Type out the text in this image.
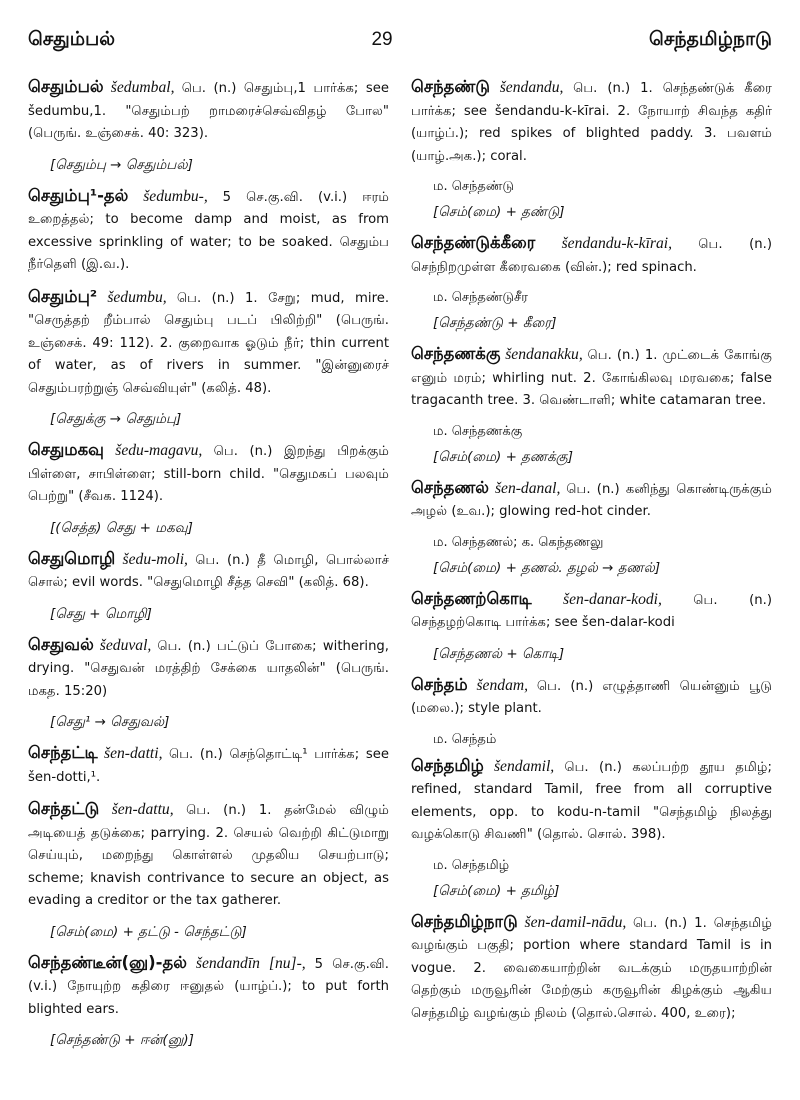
செதும்பல்	29	செந்தமிழ்நாடு

செதும்பல் šedumbal, பெ. (n.) செதும்பு,1 பார்க்க; see šedumbu,1. "செதும்பற் றாமரைச்செவ்விதழ் போல" (பெருங். உஞ்சைக். 40: 323).

[செதும்பு → செதும்பல்]

செதும்பு¹-தல் šedumbu-, 5 செ.கு.வி. (v.i.) ஈரம் உறைத்தல்; to become damp and moist, as from excessive sprinkling of water; to be soaked. செதும்ப நீர்தெளி (இ.வ.).

செதும்பு² šedumbu, பெ. (n.) 1. சேறு; mud, mire. "செருத்தற் றீம்பால் செதும்பு படப் பிலிற்றி" (பெருங். உஞ்சைக். 49: 112). 2. குறைவாக ஓடும் நீர்; thin current of water, as of rivers in summer. "இன்னுரைச் செதும்பரற்றுஞ் செவ்வியுள்" (கலித். 48).

[செதுக்கு → செதும்பு]

செதுமகவு šedu-magavu, பெ. (n.) இறந்து பிறக்கும் பிள்ளை, சாபிள்ளை; still-born child. "செதுமகப் பலவும் பெற்று" (சீவக. 1124).

[(செத்த) செது + மகவு]

செதுமொழி šedu-moli, பெ. (n.) தீ மொழி, பொல்லாச் சொல்; evil words. "செதுமொழி சீத்த செவி" (கலித். 68).

[செது + மொழி]

செதுவல் šeduval, பெ. (n.) பட்டுப் போகை; withering, drying. "செதுவன் மரத்திற் சேக்கை யாதலின்" (பெருங். மகத. 15:20)

[செது¹ → செதுவல்]

செந்தட்டி šen-datti, பெ. (n.) செந்தொட்டி¹ பார்க்க; see šen-dotti,¹.

செந்தட்டு šen-dattu, பெ. (n.) 1. தன்மேல் விழும் அடியைத் தடுக்கை; parrying. 2. செயல் வெற்றி கிட்டுமாறு செய்யும், மறைந்து கொள்ளல் முதலிய செயற்பாடு; scheme; knavish contrivance to secure an object, as evading a creditor or the tax gatherer.

[செம்(மை) + தட்டு - செந்தட்டு]

செந்தண்டீன்(னு)-தல் šendandīn [nu]-, 5 செ.கு.வி. (v.i.) நோயுற்ற கதிரை ஈனுதல் (யாழ்ப்.); to put forth blighted ears.

[செந்தண்டு + ஈன்(னு)]

செந்தண்டு šendandu, பெ. (n.) 1. செந்தண்டுக் கீரை பார்க்க; see šendandu-k-kīrai. 2. நோயாற் சிவந்த கதிர் (யாழ்ப்.); red spikes of blighted paddy. 3. பவளம் (யாழ்.அக.); coral.

ம. செந்தண்டு
[செம்(மை) + தண்டு]

செந்தண்டுக்கீரை šendandu-k-kīrai, பெ. (n.) செந்நிறமுள்ள கீரைவகை (வின்.); red spinach.

ம. செந்தண்டுசீர
[செந்தண்டு + கீரை]

செந்தணக்கு šendanakku, பெ. (n.) 1. முட்டைக் கோங்கு எனும் மரம்; whirling nut. 2. கோங்கிலவு மரவகை; false tragacanth tree. 3. வெண்டாளி; white catamaran tree.

ம. செந்தணக்கு
[செம்(மை) + தணக்கு]

செந்தணல் šen-danal, பெ. (n.) கனிந்து கொண்டிருக்கும் அழல் (உவ.); glowing red-hot cinder.

ம. செந்தணல்; க. கெந்தணலு
[செம்(மை) + தணல். தழல் → தணல்]

செந்தணற்கொடி šen-danar-kodi, பெ. (n.) செந்தழற்கொடி பார்க்க; see šen-dalar-kodi

[செந்தணல் + கொடி]

செந்தம் šendam, பெ. (n.) எழுத்தாணி யென்னும் பூடு (மலை.); style plant.

ம. செந்தம்

செந்தமிழ் šendamil, பெ. (n.) கலப்பற்ற தூய தமிழ்; refined, standard Tamil, free from all corruptive elements, opp. to kodu-n-tamil "செந்தமிழ் நிலத்து வழக்கொடு சிவணி" (தொல். சொல். 398).

ம. செந்தமிழ்
[செம்(மை) + தமிழ்]

செந்தமிழ்நாடு šen-damil-nādu, பெ. (n.) 1. செந்தமிழ் வழங்கும் பகுதி; portion where standard Tamil is in vogue. 2. வைகையாற்றின் வடக்கும் மருதயாற்றின் தெற்கும் மருவூரின் மேற்கும் கருவூரின் கிழக்கும் ஆகிய செந்தமிழ் வழங்கும் நிலம் (தொல்.சொல். 400, உரை);
